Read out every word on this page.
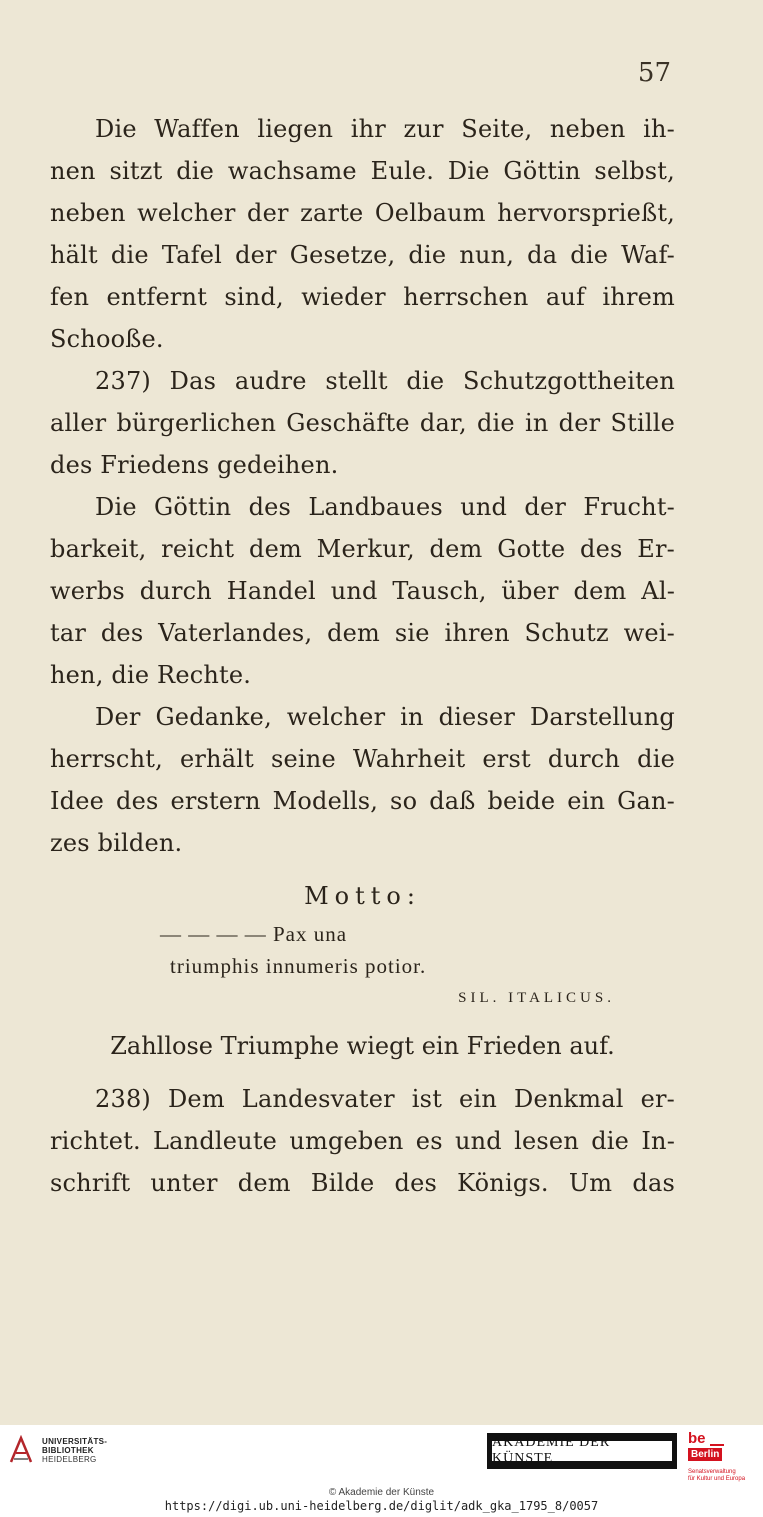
57
Die Waffen liegen ihr zur Seite, neben ih-
nen sitzt die wachsame Eule. Die Göttin selbst,
neben welcher der zarte Oelbaum hervorsprießt,
hält die Tafel der Gesetze, die nun, da die Waf-
fen entfernt sind, wieder herrschen auf ihrem
Schooße.
237) Das audre stellt die Schutzgottheiten
aller bürgerlichen Geschäfte dar, die in der Stille
des Friedens gedeihen.
Die Göttin des Landbaues und der Frucht-
barkeit, reicht dem Merkur, dem Gotte des Er-
werbs durch Handel und Tausch, über dem Al-
tar des Vaterlandes, dem sie ihren Schutz wei-
hen, die Rechte.
Der Gedanke, welcher in dieser Darstellung
herrscht, erhält seine Wahrheit erst durch die
Idee des erstern Modells, so daß beide ein Gan-
zes bilden.
Motto:
— — — — Pax una
triumphis innumeris potior.
SIL. ITALICUS.
Zahllose Triumphe wiegt ein Frieden auf.
238) Dem Landesvater ist ein Denkmal er-
richtet. Landleute umgeben es und lesen die In-
schrift unter dem Bilde des Königs. Um das
UNIVERSITÄTS-
BIBLIOTHEK
HEIDELBERG
AKADEMIE DER KÜNSTE
be  Berlin
Senatsverwaltung
für Kultur und Europa
© Akademie der Künste
https://digi.ub.uni-heidelberg.de/diglit/adk_gka_1795_8/0057
